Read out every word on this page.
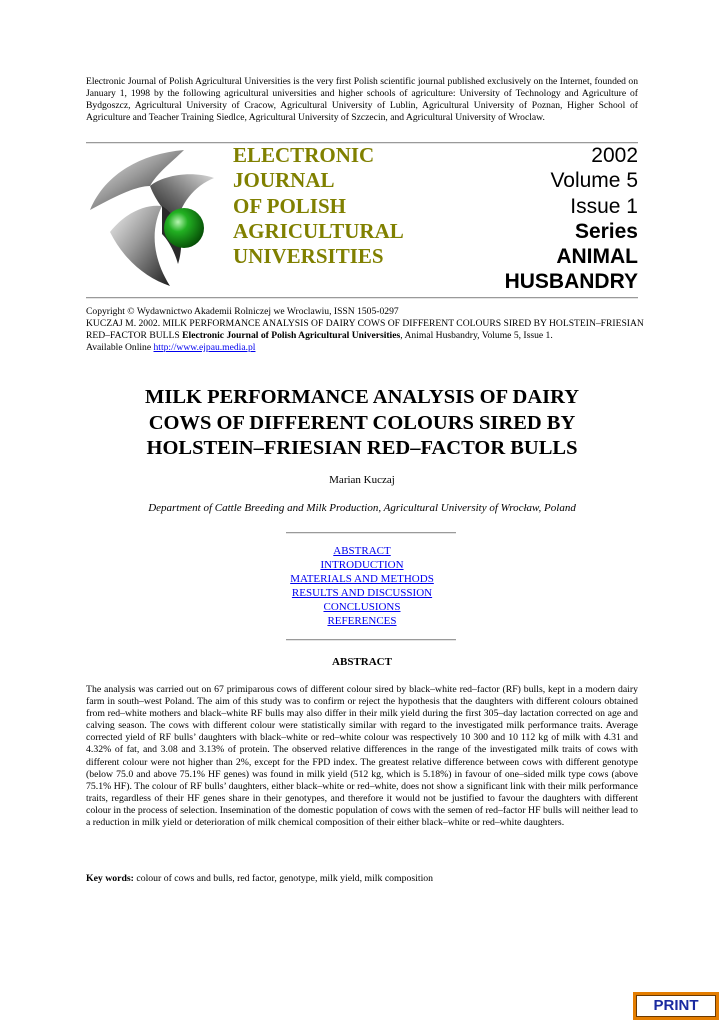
Electronic Journal of Polish Agricultural Universities is the very first Polish scientific journal published exclusively on the Internet, founded on January 1, 1998 by the following agricultural universities and higher schools of agriculture: University of Technology and Agriculture of Bydgoszcz, Agricultural University of Cracow, Agricultural University of Lublin, Agricultural University of Poznan, Higher School of Agriculture and Teacher Training Siedlce, Agricultural University of Szczecin, and Agricultural University of Wroclaw.

ELECTRONIC
JOURNAL
OF POLISH
AGRICULTURAL
UNIVERSITIES
2002
Volume 5
Issue 1
Series
ANIMAL
HUSBANDRY

Copyright © Wydawnictwo Akademii Rolniczej we Wroclawiu, ISSN 1505-0297
KUCZAJ M. 2002. MILK PERFORMANCE ANALYSIS OF DAIRY COWS OF DIFFERENT COLOURS SIRED BY HOLSTEIN–FRIESIAN RED–FACTOR BULLS Electronic Journal of Polish Agricultural Universities, Animal Husbandry, Volume 5, Issue 1.
Available Online http://www.ejpau.media.pl

MILK PERFORMANCE ANALYSIS OF DAIRY
COWS OF DIFFERENT COLOURS SIRED BY
HOLSTEIN–FRIESIAN RED–FACTOR BULLS

Marian Kuczaj

Department of Cattle Breeding and Milk Production, Agricultural University of Wrocław, Poland

ABSTRACT
INTRODUCTION
MATERIALS AND METHODS
RESULTS AND DISCUSSION
CONCLUSIONS
REFERENCES

ABSTRACT

The analysis was carried out on 67 primiparous cows of different colour sired by black–white red–factor (RF) bulls, kept in a modern dairy farm in south–west Poland. The aim of this study was to confirm or reject the hypothesis that the daughters with different colours obtained from red–white mothers and black–white RF bulls may also differ in their milk yield during the first 305–day lactation corrected on age and calving season. The cows with different colour were statistically similar with regard to the investigated milk performance traits. Average corrected yield of RF bulls’ daughters with black–white or red–white colour was respectively 10 300 and 10 112 kg of milk with 4.31 and 4.32% of fat, and 3.08 and 3.13% of protein. The observed relative differences in the range of the investigated milk traits of cows with different colour were not higher than 2%, except for the FPD index. The greatest relative difference between cows with different genotype (below 75.0 and above 75.1% HF genes) was found in milk yield (512 kg, which is 5.18%) in favour of one–sided milk type cows (above 75.1% HF). The colour of RF bulls’ daughters, either black–white or red–white, does not show a significant link with their milk performance traits, regardless of their HF genes share in their genotypes, and therefore it would not be justified to favour the daughters with different colour in the process of selection. Insemination of the domestic population of cows with the semen of red–factor HF bulls will neither lead to a reduction in milk yield or deterioration of milk chemical composition of their either black–white or red–white daughters.

Key words: colour of cows and bulls, red factor, genotype, milk yield, milk composition

PRINT
